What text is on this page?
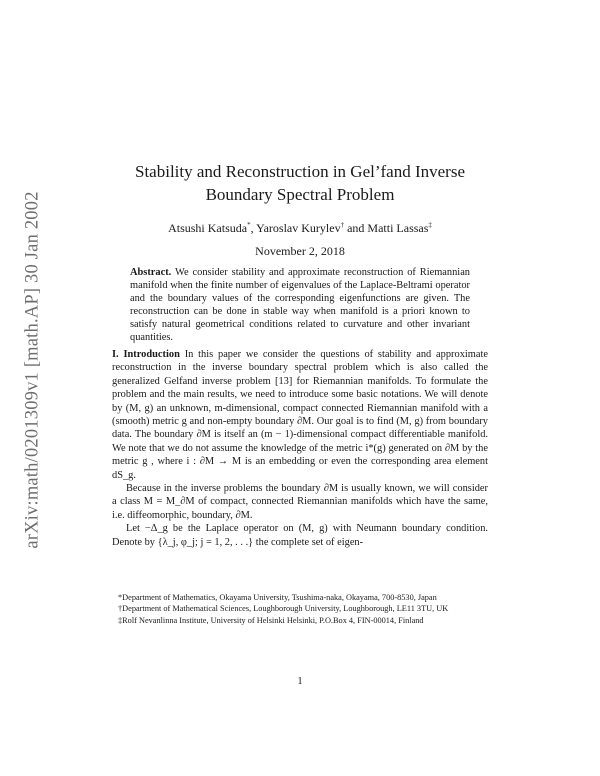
arXiv:math/0201309v1 [math.AP] 30 Jan 2002
Stability and Reconstruction in Gel’fand Inverse
Boundary Spectral Problem
Atsushi Katsuda*, Yaroslav Kurylev† and Matti Lassas‡
November 2, 2018
Abstract. We consider stability and approximate reconstruction of Riemannian manifold when the finite number of eigenvalues of the Laplace-Beltrami operator and the boundary values of the corresponding eigenfunctions are given. The reconstruction can be done in stable way when manifold is a priori known to satisfy natural geometrical conditions related to curvature and other invariant quantities.

I. Introduction In this paper we consider the questions of stability and approximate reconstruction in the inverse boundary spectral problem which is also called the generalized Gelfand inverse problem [13] for Riemannian manifolds. To formulate the problem and the main results, we need to introduce some basic notations. We will denote by (M, g) an unknown, m-dimensional, compact connected Riemannian manifold with a (smooth) metric g and non-empty boundary ∂M. Our goal is to find (M, g) from boundary data. The boundary ∂M is itself an (m − 1)-dimensional compact differentiable manifold. We note that we do not assume the knowledge of the metric i*(g) generated on ∂M by the metric g , where i : ∂M → M is an embedding or even the corresponding area element dS_g.

Because in the inverse problems the boundary ∂M is usually known, we will consider a class M = M_∂M of compact, connected Riemannian manifolds which have the same, i.e. diffeomorphic, boundary, ∂M.

Let −Δ_g be the Laplace operator on (M, g) with Neumann boundary condition. Denote by {λ_j, φ_j; j = 1, 2, . . .} the complete set of eigen-

*Department of Mathematics, Okayama University, Tsushima-naka, Okayama, 700-8530, Japan

†Department of Mathematical Sciences, Loughborough University, Loughborough, LE11 3TU, UK

‡Rolf Nevanlinna Institute, University of Helsinki Helsinki, P.O.Box 4, FIN-00014, Finland

1
